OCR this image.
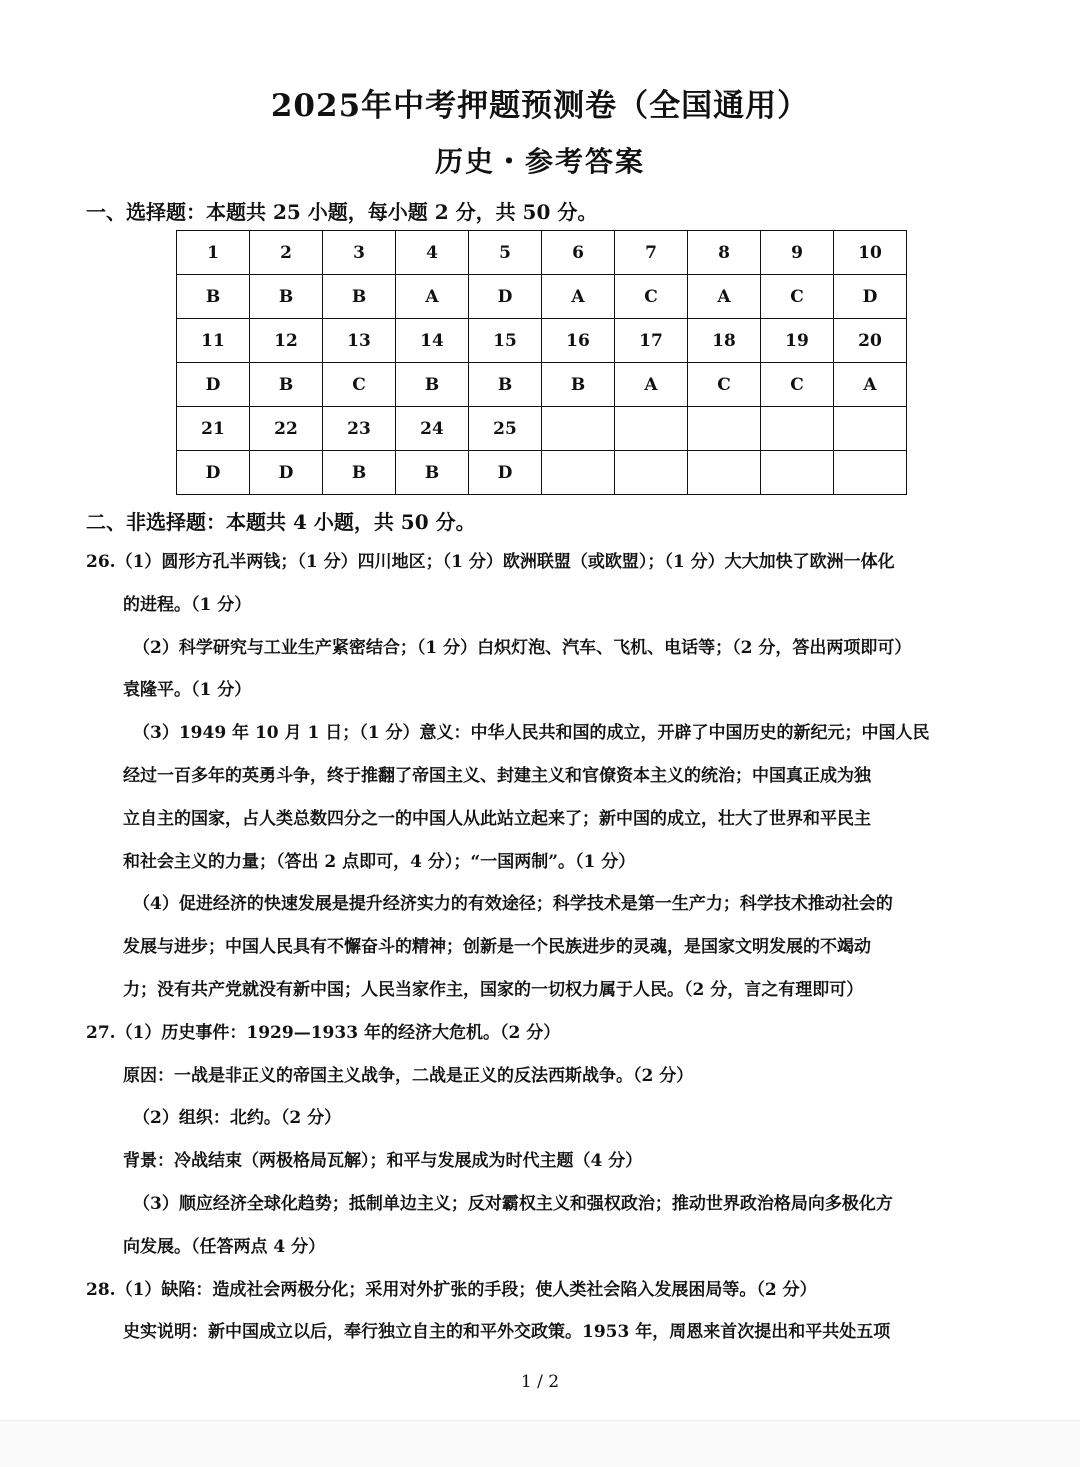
2025年中考押题预测卷（全国通用）
历史・参考答案
一、选择题：本题共 25 小题，每小题 2 分，共 50 分。
1	2	3	4	5	6	7	8	9	10
B	B	B	A	D	A	C	A	C	D
11	12	13	14	15	16	17	18	19	20
D	B	C	B	B	B	A	C	C	A
21	22	23	24	25					
D	D	B	B	D					
二、非选择题：本题共 4 小题，共 50 分。
26.（1）圆形方孔半两钱；（1 分）四川地区；（1 分）欧洲联盟（或欧盟）；（1 分）大大加快了欧洲一体化
的进程。（1 分）
（2）科学研究与工业生产紧密结合；（1 分）白炽灯泡、汽车、飞机、电话等；（2 分，答出两项即可）
袁隆平。（1 分）
（3）1949 年 10 月 1 日；（1 分）意义：中华人民共和国的成立，开辟了中国历史的新纪元；中国人民
经过一百多年的英勇斗争，终于推翻了帝国主义、封建主义和官僚资本主义的统治；中国真正成为独
立自主的国家，占人类总数四分之一的中国人从此站立起来了；新中国的成立，壮大了世界和平民主
和社会主义的力量；（答出 2 点即可，4 分）；“一国两制”。（1 分）
（4）促进经济的快速发展是提升经济实力的有效途径；科学技术是第一生产力；科学技术推动社会的
发展与进步；中国人民具有不懈奋斗的精神；创新是一个民族进步的灵魂，是国家文明发展的不竭动
力；没有共产党就没有新中国；人民当家作主，国家的一切权力属于人民。（2 分，言之有理即可）
27.（1）历史事件：1929—1933 年的经济大危机。（2 分）
原因：一战是非正义的帝国主义战争，二战是正义的反法西斯战争。（2 分）
（2）组织：北约。（2 分）
背景：冷战结束（两极格局瓦解）；和平与发展成为时代主题（4 分）
（3）顺应经济全球化趋势；抵制单边主义；反对霸权主义和强权政治；推动世界政治格局向多极化方
向发展。（任答两点 4 分）
28.（1）缺陷：造成社会两极分化；采用对外扩张的手段；使人类社会陷入发展困局等。（2 分）
史实说明：新中国成立以后，奉行独立自主的和平外交政策。1953 年，周恩来首次提出和平共处五项
1 / 2
